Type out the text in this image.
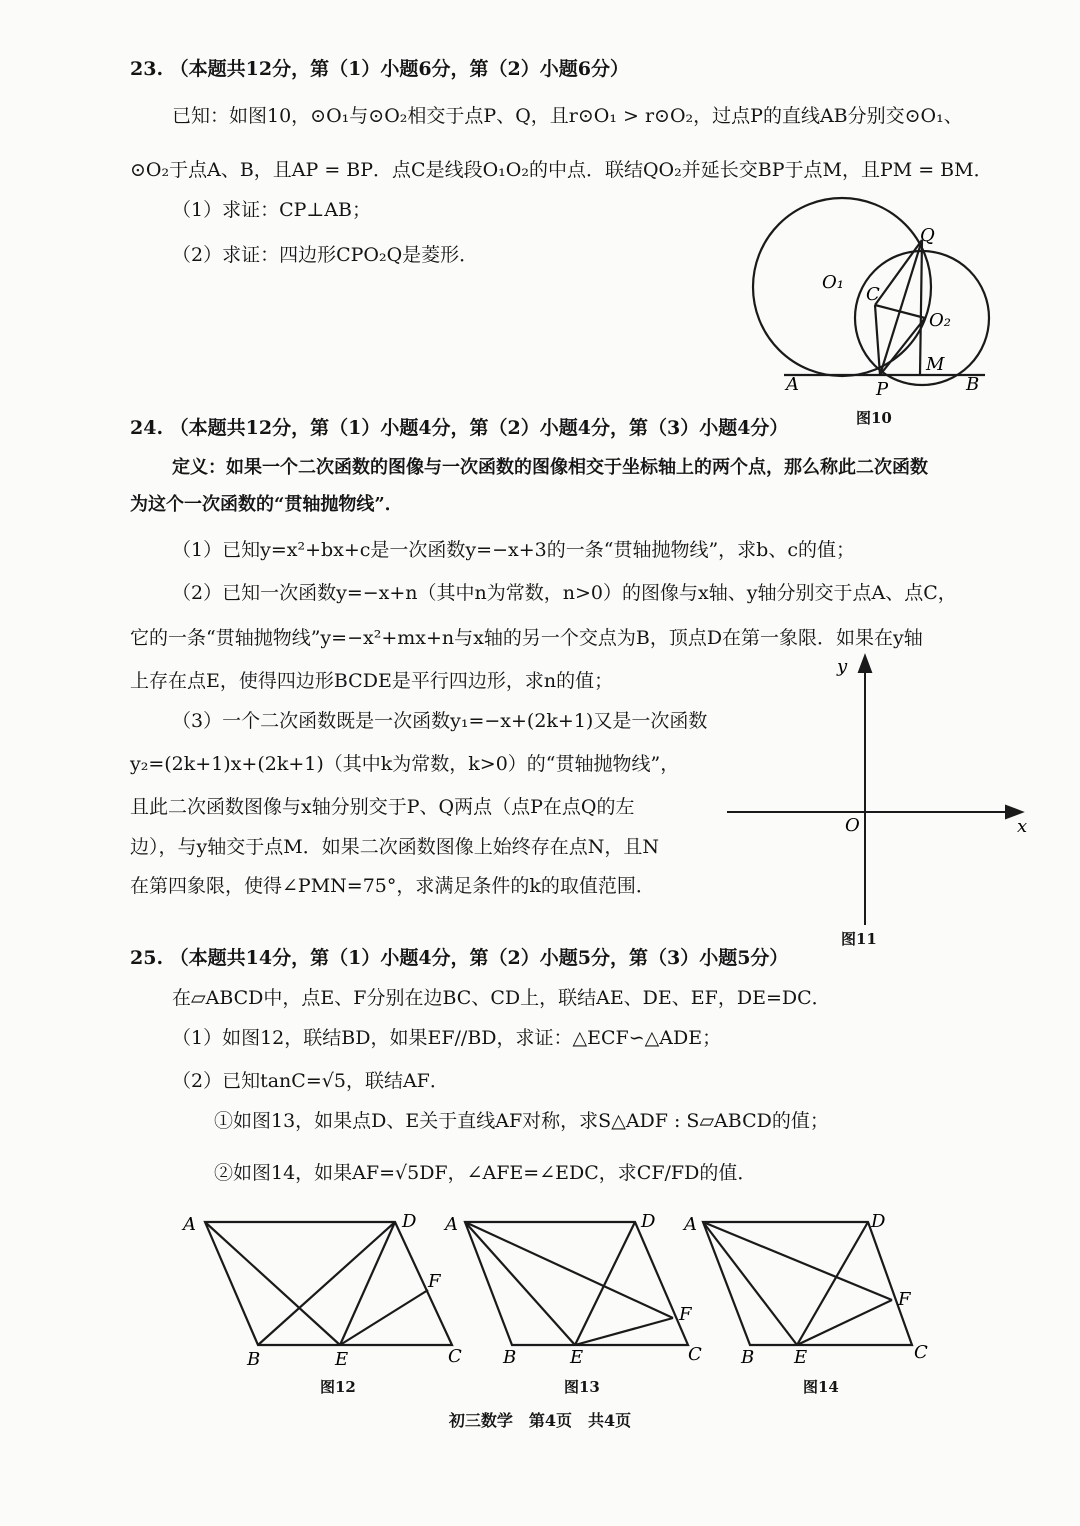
23. （本题共12分，第（1）小题6分，第（2）小题6分）
已知：如图10，⊙O₁与⊙O₂相交于点P、Q，且r⊙O₁ > r⊙O₂，过点P的直线AB分别交⊙O₁、
⊙O₂于点A、B，且AP = BP．点C是线段O₁O₂的中点．联结QO₂并延长交BP于点M，且PM = BM．
（1）求证：CP⊥AB；
（2）求证：四边形CPO₂Q是菱形．
Q
O₁
C
O₂
M
A	P	B
图10
24. （本题共12分，第（1）小题4分，第（2）小题4分，第（3）小题4分）
定义：如果一个二次函数的图像与一次函数的图像相交于坐标轴上的两个点，那么称此二次函数
为这个一次函数的“贯轴抛物线”．
（1）已知y=x²+bx+c是一次函数y=−x+3的一条“贯轴抛物线”，求b、c的值；
（2）已知一次函数y=−x+n（其中n为常数，n>0）的图像与x轴、y轴分别交于点A、点C，
它的一条“贯轴抛物线”y=−x²+mx+n与x轴的另一个交点为B，顶点D在第一象限．如果在y轴
上存在点E，使得四边形BCDE是平行四边形，求n的值；
（3）一个二次函数既是一次函数y₁=−x+(2k+1)又是一次函数
y₂=(2k+1)x+(2k+1)（其中k为常数，k>0）的“贯轴抛物线”，
且此二次函数图像与x轴分别交于P、Q两点（点P在点Q的左
边），与y轴交于点M．如果二次函数图像上始终存在点N，且N
在第四象限，使得∠PMN=75°，求满足条件的k的取值范围．
y
x
O
图11
25. （本题共14分，第（1）小题4分，第（2）小题5分，第（3）小题5分）
在▱ABCD中，点E、F分别在边BC、CD上，联结AE、DE、EF，DE=DC．
（1）如图12，联结BD，如果EF//BD，求证：△ECF∽△ADE；
（2）已知tanC=√5，联结AF．
①如图13，如果点D、E关于直线AF对称，求S△ADF : S▱ABCD的值；
②如图14，如果AF=√5DF，∠AFE=∠EDC，求CF/FD的值．
A	D
F
B	E	C
图12
A	D
F
B	E	C
图13
A	D
F
B E	C
图14
初三数学　第4页　共4页
